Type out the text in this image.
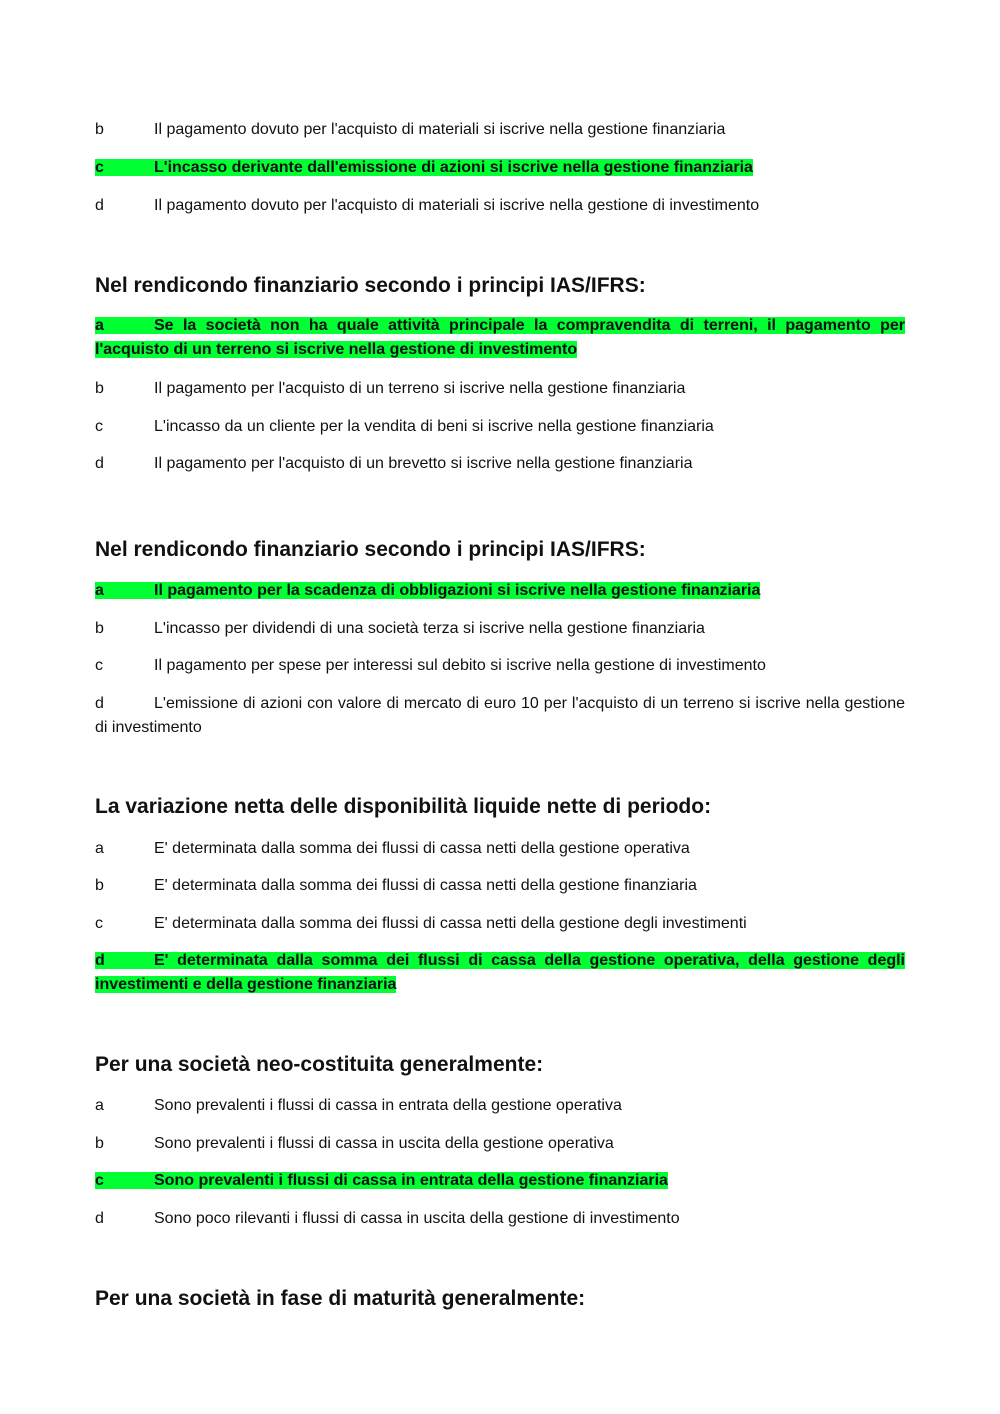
b	Il pagamento dovuto per l'acquisto di materiali si iscrive nella gestione finanziaria
c	L'incasso derivante dall'emissione di azioni si iscrive nella gestione finanziaria
d	Il pagamento dovuto per l'acquisto di materiali si iscrive nella gestione di investimento
Nel rendicondo finanziario secondo i principi IAS/IFRS:
a	Se la società non ha quale attività principale la compravendita di terreni, il pagamento per l'acquisto di un terreno si iscrive nella gestione di investimento
b	Il pagamento per l'acquisto di un terreno si iscrive nella gestione finanziaria
c	L'incasso da un cliente per la vendita di beni si iscrive nella gestione finanziaria
d	Il pagamento per l'acquisto di un brevetto si iscrive nella gestione finanziaria
Nel rendicondo finanziario secondo i principi IAS/IFRS:
a	Il pagamento per la scadenza di obbligazioni si iscrive nella gestione finanziaria
b	L'incasso per dividendi di una società terza si iscrive nella gestione finanziaria
c	Il pagamento per spese per interessi sul debito si iscrive nella gestione di investimento
d	L'emissione di azioni con valore di mercato di euro 10 per l'acquisto di un terreno si iscrive nella gestione di investimento
La variazione netta delle disponibilità liquide nette di periodo:
a	E' determinata dalla somma dei flussi di cassa netti della gestione operativa
b	E' determinata dalla somma dei flussi di cassa netti della gestione finanziaria
c	E' determinata dalla somma dei flussi di cassa netti della gestione degli investimenti
d	E' determinata dalla somma dei flussi di cassa della gestione operativa, della gestione degli investimenti e della gestione finanziaria
Per una società neo-costituita generalmente:
a	Sono prevalenti i flussi di cassa in entrata della gestione operativa
b	Sono prevalenti i flussi di cassa in uscita della gestione operativa
c	Sono prevalenti i flussi di cassa in entrata della gestione finanziaria
d	Sono poco rilevanti i flussi di cassa in uscita della gestione di investimento
Per una società in fase di maturità generalmente:
